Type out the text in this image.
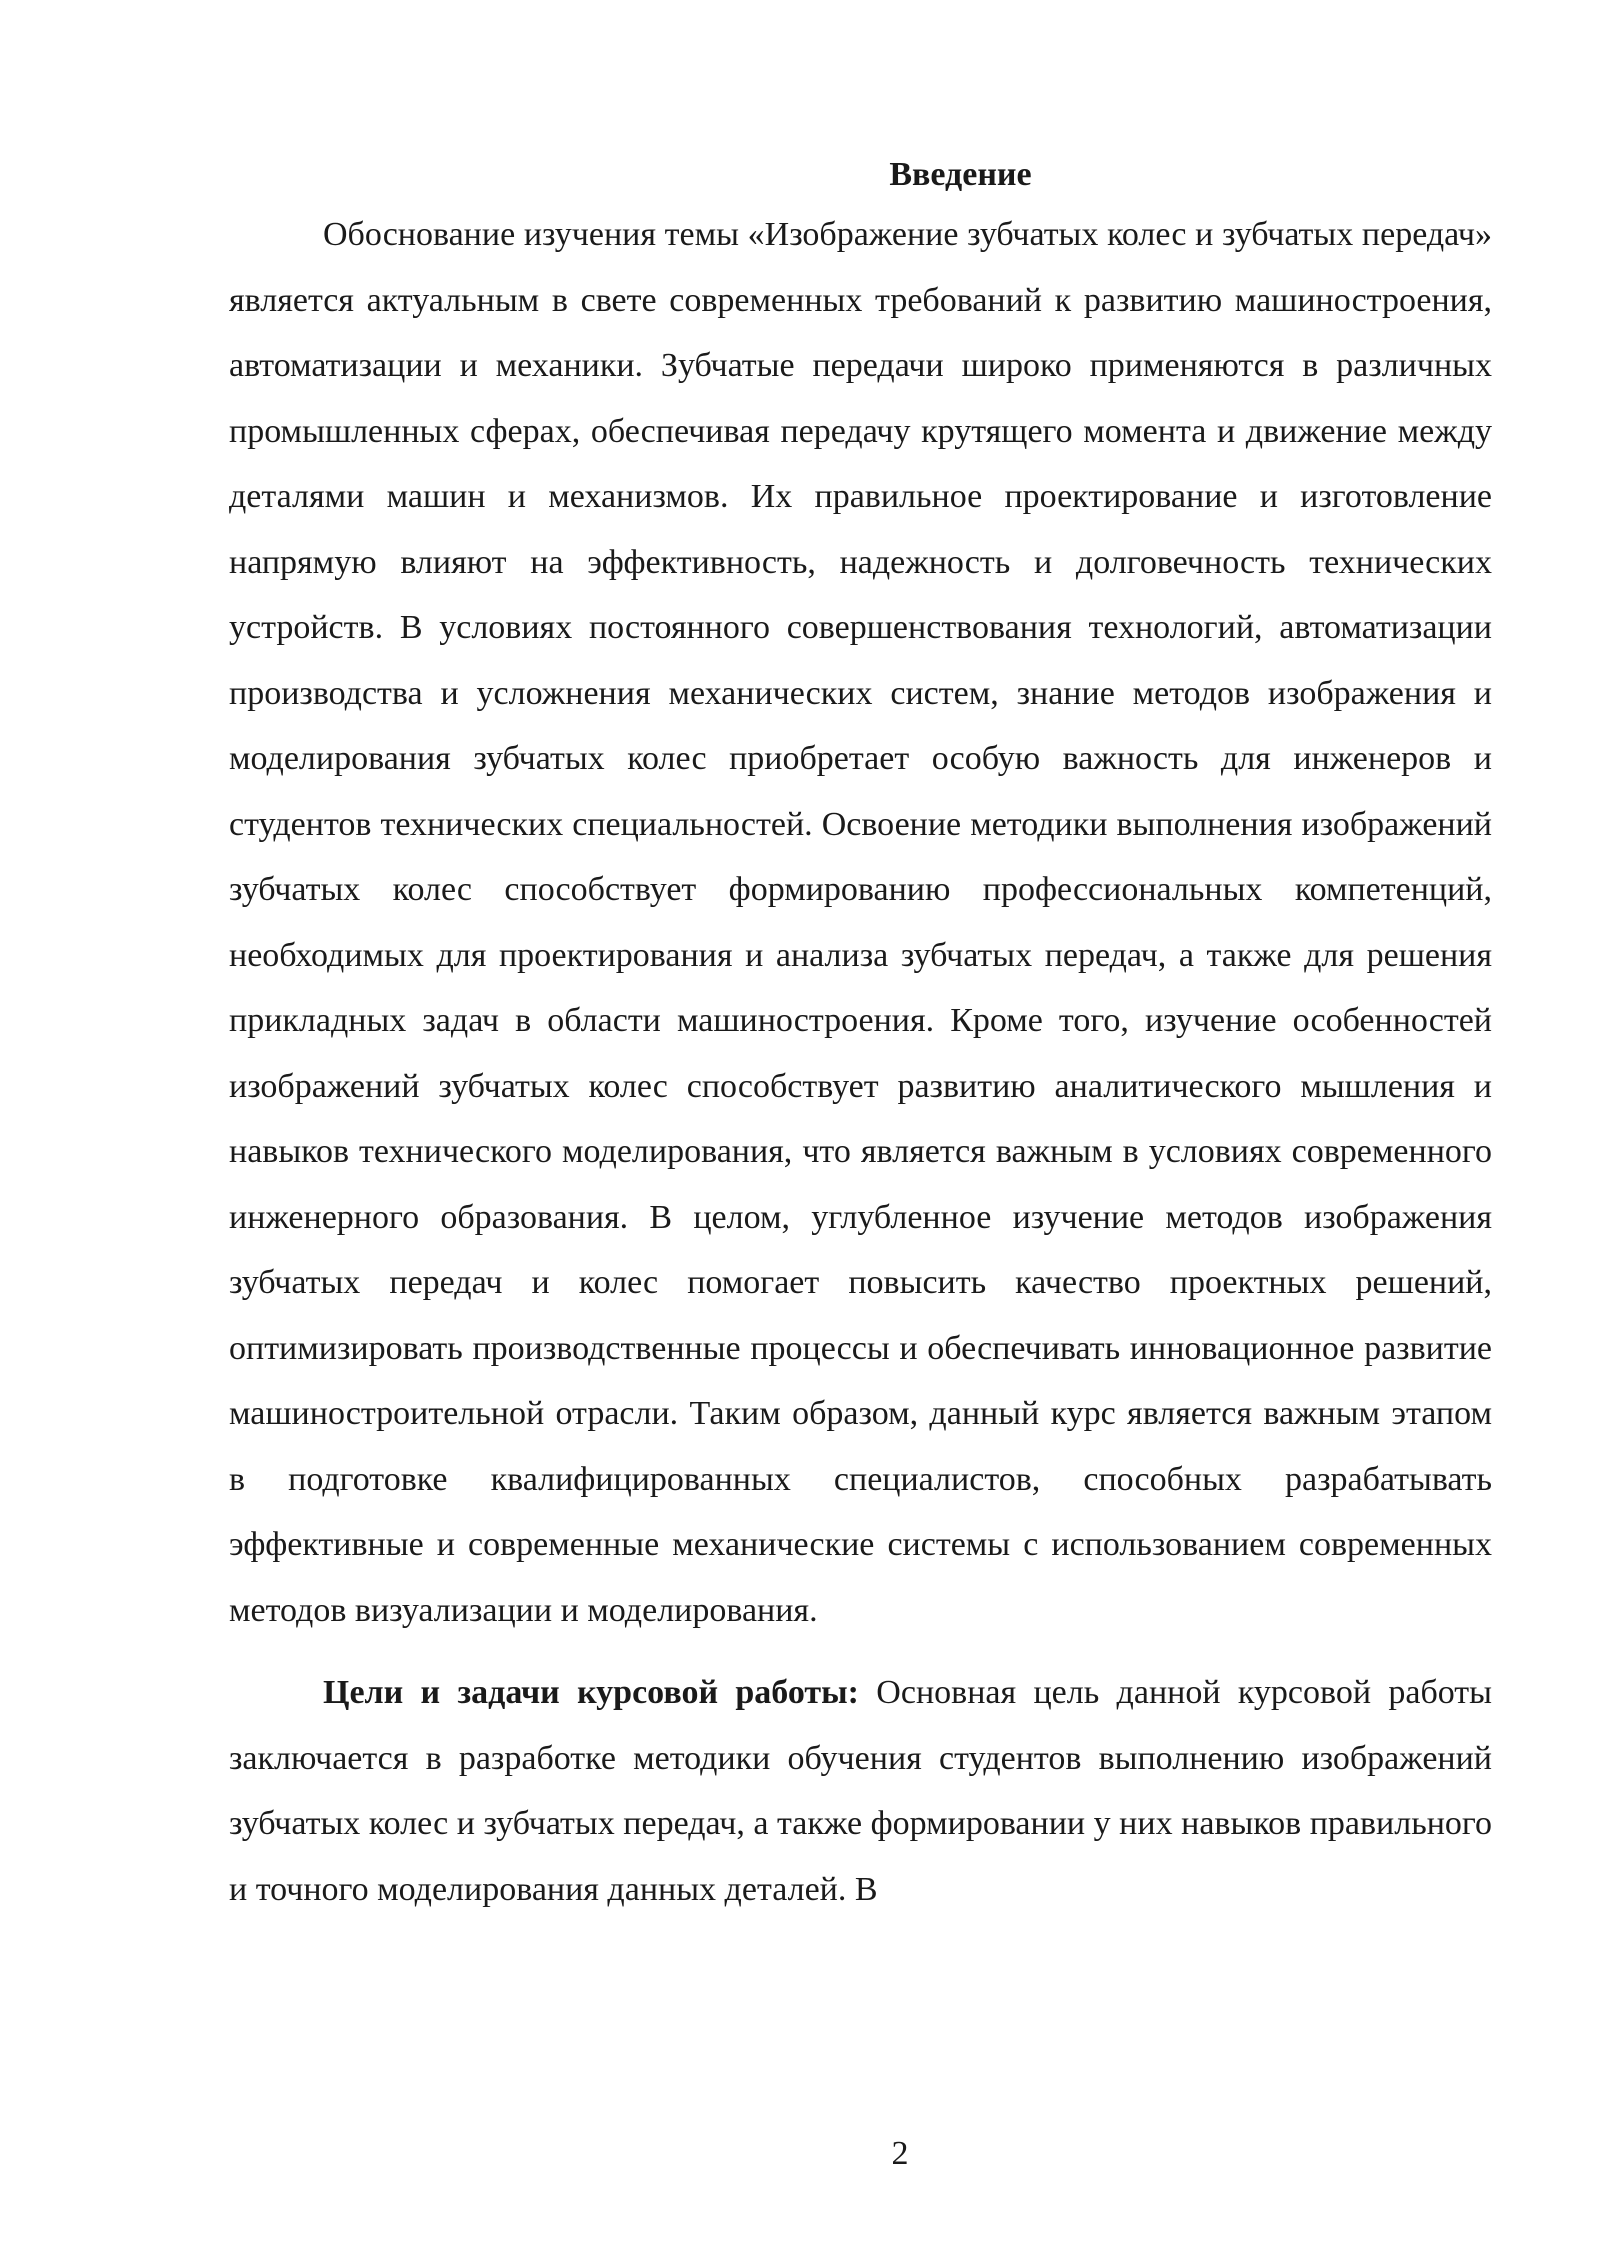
Введение

Обоснование изучения темы «Изображение зубчатых колес и зубчатых передач» является актуальным в свете современных требований к развитию машиностроения, автоматизации и механики. Зубчатые передачи широко применяются в различных промышленных сферах, обеспечивая передачу крутящего момента и движение между деталями машин и механизмов. Их правильное проектирование и изготовление напрямую влияют на эффективность, надежность и долговечность технических устройств. В условиях постоянного совершенствования технологий, автоматизации производства и усложнения механических систем, знание методов изображения и моделирования зубчатых колес приобретает особую важность для инженеров и студентов технических специальностей. Освоение методики выполнения изображений зубчатых колес способствует формированию профессиональных компетенций, необходимых для проектирования и анализа зубчатых передач, а также для решения прикладных задач в области машиностроения. Кроме того, изучение особенностей изображений зубчатых колес способствует развитию аналитического мышления и навыков технического моделирования, что является важным в условиях современного инженерного образования. В целом, углубленное изучение методов изображения зубчатых передач и колес помогает повысить качество проектных решений, оптимизировать производственные процессы и обеспечивать инновационное развитие машиностроительной отрасли. Таким образом, данный курс является важным этапом в подготовке квалифицированных специалистов, способных разрабатывать эффективные и современные механические системы с использованием современных методов визуализации и моделирования.

Цели и задачи курсовой работы: Основная цель данной курсовой работы заключается в разработке методики обучения студентов выполнению изображений зубчатых колес и зубчатых передач, а также формировании у них навыков правильного и точного моделирования данных деталей. В

2
